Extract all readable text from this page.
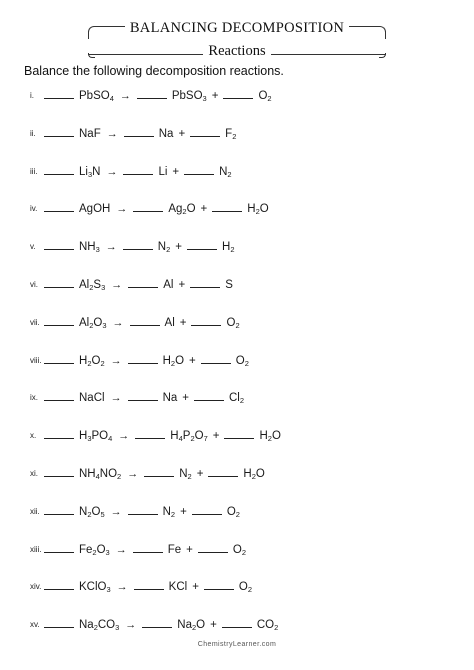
BALANCING DECOMPOSITION
Reactions
Balance the following decomposition reactions.
i.	PbSO$_4$ →	PbSO$_3$ +	$O_2$
ii.	NaF →	Na +	$F_2$
iii.	$Li_3N$ →	Li +	$N_2$
iv.	AgOH →	$Ag_2O$ +	$H_2O$
v.	$NH_3$ →	$N_2$ +	$H_2$
vi.	$Al_2S_3$ →	Al +	S
vii.	$Al_2O_3$ →	Al +	$O_2$
viii.	$H_2O_2$ →	$H_2O$ +	$O_2$
ix.	NaCl →	Na +	$Cl_2$
x.	$H_3PO_4$ →	$H_4P_2O_7$ +	$H_2O$
xi.	$NH_4NO_2$ →	$N_2$ +	$H_2O$
xii.	$N_2O_5$ →	$N_2$ +	$O_2$
xiii.	$Fe_2O_3$ →	Fe +	$O_2$
xiv.	KClO$_3$ →	KCl +	$O_2$
xv.	$Na_2CO_3$ →	$Na_2O$ +	$CO_2$
ChemistryLearner.com
